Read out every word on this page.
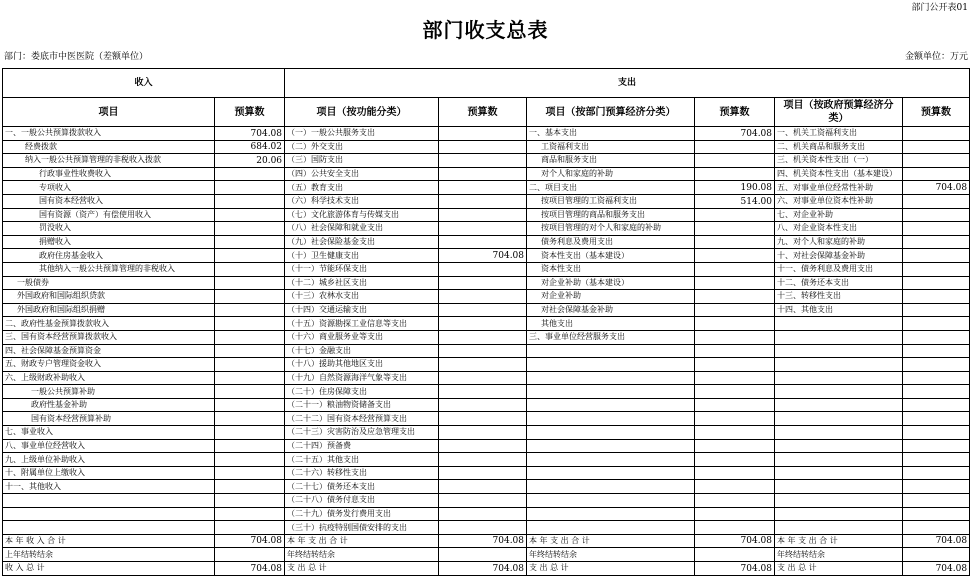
部门公开表01
部门收支总表
部门：娄底市中医医院（差额单位）	金额单位：万元
收入		支出					
项目	预算数	项目（按功能分类）	预算数	项目（按部门预算经济分类）	预算数	项目（按政府预算经济分类）	预算数
一、一般公共预算拨款收入	704.08	（一）一般公共服务支出		一、基本支出	704.08	一、机关工资福利支出	
经费拨款	684.02	（二）外交支出		工资福利支出		二、机关商品和服务支出	
纳入一般公共预算管理的非税收入拨款	20.06	（三）国防支出		商品和服务支出		三、机关资本性支出（一）	
行政事业性收费收入		（四）公共安全支出		对个人和家庭的补助		四、机关资本性支出（基本建设）	
专项收入		（五）教育支出		二、项目支出	190.08	五、对事业单位经常性补助	704.08
国有资本经营收入		（六）科学技术支出		按项目管理的工资福利支出	514.00	六、对事业单位资本性补助	
国有资源（资产）有偿使用收入		（七）文化旅游体育与传媒支出		按项目管理的商品和服务支出		七、对企业补助	
罚没收入		（八）社会保障和就业支出		按项目管理的对个人和家庭的补助		八、对企业资本性支出	
捐赠收入		（九）社会保险基金支出		债务利息及费用支出		九、对个人和家庭的补助	
政府住房基金收入		（十）卫生健康支出	704.08	资本性支出（基本建设）		十、对社会保障基金补助	
其他纳入一般公共预算管理的非税收入		（十一）节能环保支出		资本性支出		十一、债务利息及费用支出	
一般债券		（十二）城乡社区支出		对企业补助（基本建设）		十二、债务还本支出	
外国政府和国际组织贷款		（十三）农林水支出		对企业补助		十三、转移性支出	
外国政府和国际组织捐赠		（十四）交通运输支出		对社会保障基金补助		十四、其他支出	
二、政府性基金预算拨款收入		（十五）资源勘探工业信息等支出		其他支出			
三、国有资本经营预算拨款收入		（十六）商业服务业等支出		三、事业单位经营服务支出			
四、社会保障基金预算资金		（十七）金融支出					
五、财政专户管理资金收入		（十八）援助其他地区支出					
六、上级财政补助收入		（十九）自然资源海洋气象等支出					
一般公共预算补助		（二十）住房保障支出					
政府性基金补助		（二十一）粮油物资储备支出					
国有资本经营预算补助		（二十二）国有资本经营预算支出					
七、事业收入		（二十三）灾害防治及应急管理支出					
八、事业单位经营收入		（二十四）预备费					
九、上级单位补助收入		（二十五）其他支出					
十、附属单位上缴收入		（二十六）转移性支出					
十一、其他收入		（二十七）债务还本支出					
		（二十八）债务付息支出					
		（二十九）债务发行费用支出					
		（三十）抗疫特别国债安排的支出					
本 年 收 入 合 计	704.08	本 年 支 出 合 计	704.08	本 年 支 出 合 计	704.08	本 年 支 出 合 计	704.08
上年结转结余		年终结转结余		年终结转结余		年终结转结余	
收 入 总 计	704.08	支 出 总 计	704.08	支 出 总 计	704.08	支 出 总 计	704.08
